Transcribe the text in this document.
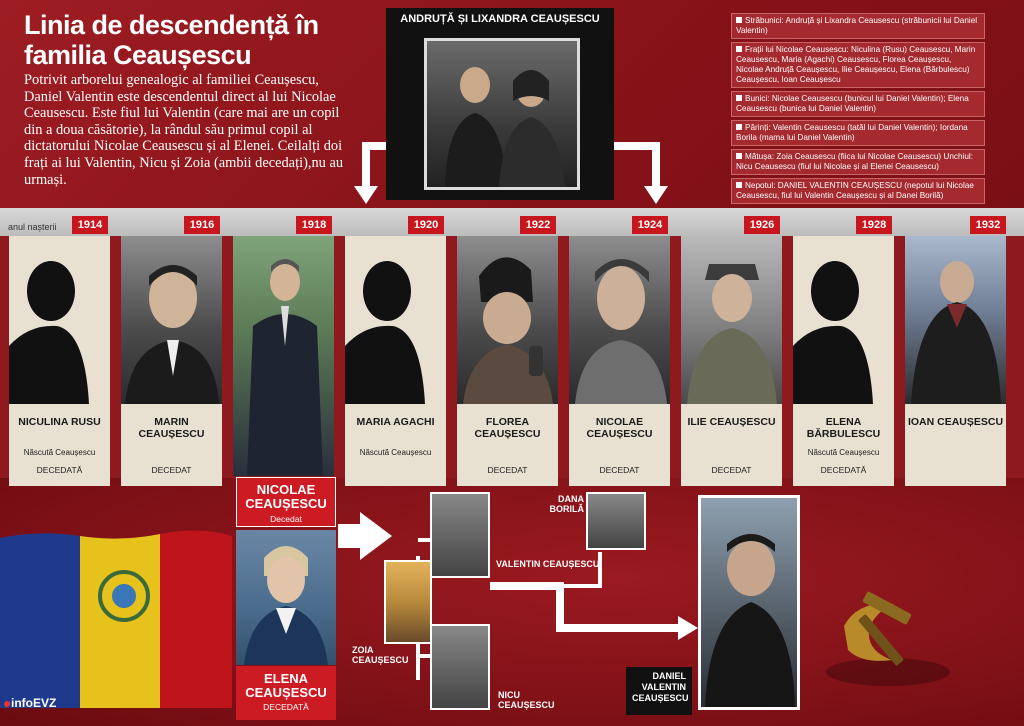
Linia de descendență în familia Ceaușescu
Potrivit arborelui genealogic al familiei Ceaușescu, Daniel Valentin este descendentul direct al lui Nicolae Ceausescu. Este fiul lui Valentin (care mai are un copil din a doua căsătorie), la rândul său primul copil al dictatorului Nicolae Ceausescu și al Elenei. Ceilalți doi frați ai lui Valentin, Nicu și Zoia (ambii decedați),nu au urmași.
ANDRUȚĂ ȘI LIXANDRA CEAUȘESCU	Străbunici: Andruță și Lixandra Ceausescu (străbunicii lui Daniel Valentin)
Frații lui Nicolae Ceausescu: Niculina (Rusu) Ceausescu, Marin Ceausescu, Maria (Agachi) Ceausescu, Florea Ceaușescu, Nicolae Andruță Ceaușescu, Ilie Ceaușescu, Elena (Bărbulescu) Ceaușescu, Ioan Ceaușescu
Bunici: Nicolae Ceausescu (bunicul lui Daniel Valentin); Elena Ceausescu (bunica lui Daniel Valentin)
Părinți: Valentin Ceausescu (tatăl lui Daniel Valentin); Iordana Borila (mama lui Daniel Valentin)
Mătușa: Zoia Ceausescu (fiica lui Nicolae Ceausescu) Unchiul: Nicu Ceausescu (fiul lui Nicolae și al Elenei Ceausescu)
Nepotul: DANIEL VALENTIN CEAUȘESCU (nepotul lui Nicolae Ceausescu, fiul lui Valentin Ceaușescu și al Danei Borilă)
anul nașterii	1914	1916	1918	1920	1922	1924	1926	1928	1932
NICULINA RUSU
Născută Ceaușescu
DECEDATĂ
MARIN CEAUȘESCU
DECEDAT
MARIA AGACHI
Născută Ceaușescu
FLOREA CEAUȘESCU
DECEDAT
NICOLAE CEAUȘESCU
DECEDAT
ILIE CEAUȘESCU
DECEDAT
ELENA BĂRBULESCU
Născută Ceaușescu
DECEDATĂ
IOAN CEAUȘESCU
NICOLAE CEAUȘESCU
Decedat
ELENA CEAUȘESCU
DECEDATĂ
VALENTIN CEAUȘESCU
DANA BORILĂ
ZOIA CEAUȘESCU
NICU CEAUȘESCU
DANIEL VALENTIN CEAUȘESCU
infoEVZ
